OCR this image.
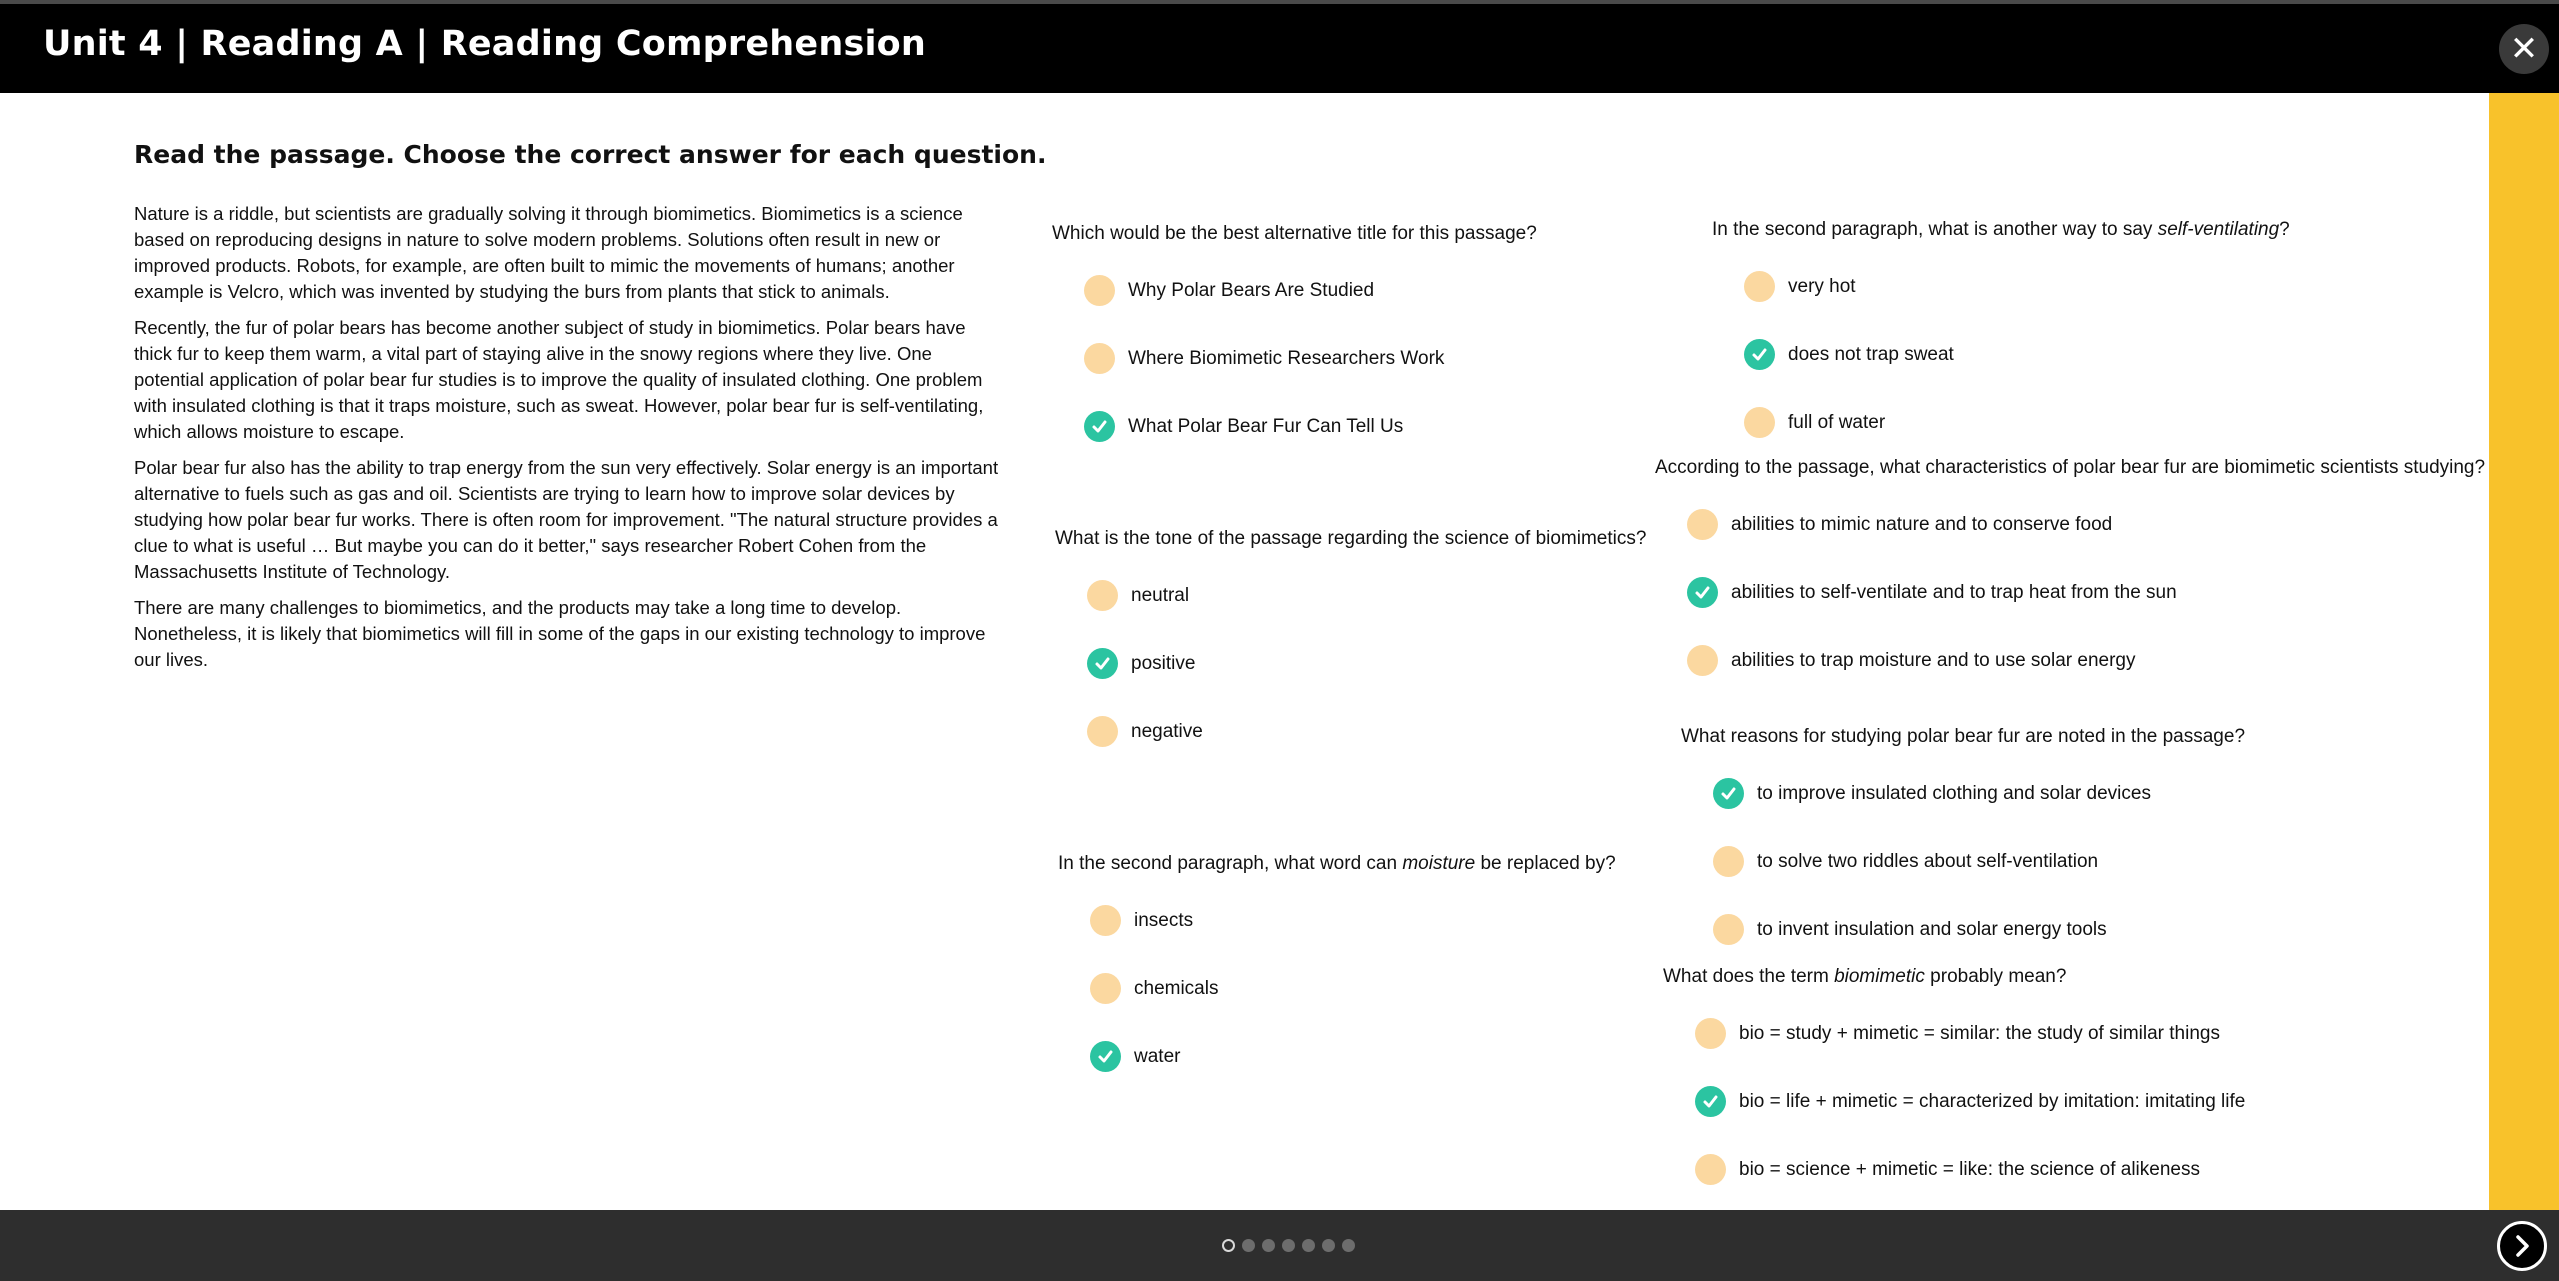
Unit 4 | Reading A | Reading Comprehension	✕
Read the passage. Choose the correct answer for each question.

Nature is a riddle, but scientists are gradually solving it through biomimetics. Biomimetics is a science based on reproducing designs in nature to solve modern problems. Solutions often result in new or improved products. Robots, for example, are often built to mimic the movements of humans; another example is Velcro, which was invented by studying the burs from plants that stick to animals.

Recently, the fur of polar bears has become another subject of study in biomimetics. Polar bears have thick fur to keep them warm, a vital part of staying alive in the snowy regions where they live. One potential application of polar bear fur studies is to improve the quality of insulated clothing. One problem with insulated clothing is that it traps moisture, such as sweat. However, polar bear fur is self-ventilating, which allows moisture to escape.

Polar bear fur also has the ability to trap energy from the sun very effectively. Solar energy is an important alternative to fuels such as gas and oil. Scientists are trying to learn how to improve solar devices by studying how polar bear fur works. There is often room for improvement. "The natural structure provides a clue to what is useful … But maybe you can do it better," says researcher Robert Cohen from the Massachusetts Institute of Technology.

There are many challenges to biomimetics, and the products may take a long time to develop. Nonetheless, it is likely that biomimetics will fill in some of the gaps in our existing technology to improve our lives.

Which would be the best alternative title for this passage?
Why Polar Bears Are Studied
Where Biomimetic Researchers Work
What Polar Bear Fur Can Tell Us
What is the tone of the passage regarding the science of biomimetics?
neutral
positive
negative
In the second paragraph, what word can moisture be replaced by?
insects
chemicals
water
In the second paragraph, what is another way to say self-ventilating?
very hot
does not trap sweat
full of water
According to the passage, what characteristics of polar bear fur are biomimetic scientists studying?
abilities to mimic nature and to conserve food
abilities to self-ventilate and to trap heat from the sun
abilities to trap moisture and to use solar energy
What reasons for studying polar bear fur are noted in the passage?
to improve insulated clothing and solar devices
to solve two riddles about self-ventilation
to invent insulation and solar energy tools
What does the term biomimetic probably mean?
bio = study + mimetic = similar: the study of similar things
bio = life + mimetic = characterized by imitation: imitating life
bio = science + mimetic = like: the science of alikeness
